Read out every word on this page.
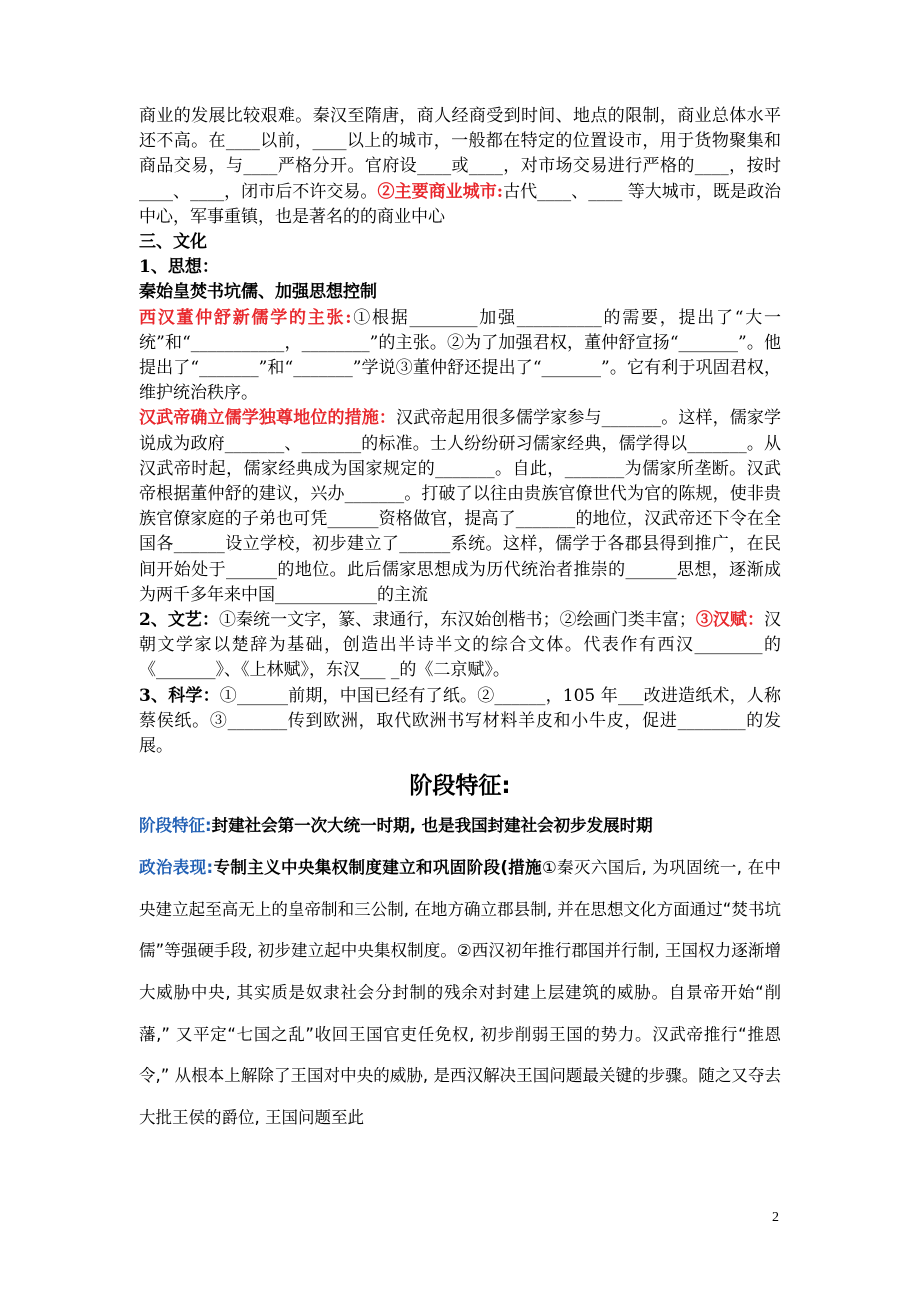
商业的发展比较艰难。秦汉至隋唐，商人经商受到时间、地点的限制，商业总体水平还不高。在____以前，____以上的城市，一般都在特定的位置设市，用于货物聚集和商品交易，与____严格分开。官府设____或____，对市场交易进行严格的____，按时____、____，闭市后不许交易。②主要商业城市:古代____、____ 等大城市，既是政治中心，军事重镇，也是著名的的商业中心

三、文化

1、思想：

秦始皇焚书坑儒、加强思想控制

西汉董仲舒新儒学的主张:①根据________加强__________的需要，提出了“大一统”和“___________，________”的主张。②为了加强君权，董仲舒宣扬“_______”。他提出了“_______”和“_______”学说③董仲舒还提出了“_______”。它有利于巩固君权，维护统治秩序。

汉武帝确立儒学独尊地位的措施：汉武帝起用很多儒学家参与_______。这样，儒家学说成为政府_______、_______的标准。士人纷纷研习儒家经典，儒学得以_______。从汉武帝时起，儒家经典成为国家规定的_______。自此，_______为儒家所垄断。汉武帝根据董仲舒的建议，兴办_______。打破了以往由贵族官僚世代为官的陈规，使非贵族官僚家庭的子弟也可凭______资格做官，提高了_______的地位，汉武帝还下令在全国各______设立学校，初步建立了______系统。这样，儒学于各郡县得到推广，在民间开始处于______的地位。此后儒家思想成为历代统治者推崇的______思想，逐渐成为两千多年来中国____________的主流

2、文艺：①秦统一文字，篆、隶通行，东汉始创楷书；②绘画门类丰富；③汉赋：汉朝文学家以楚辞为基础，创造出半诗半文的综合文体。代表作有西汉________的《_______》、《上林赋》，东汉___ _的《二京赋》。

3、科学：①______前期，中国已经有了纸。②______，105 年___改进造纸术，人称蔡侯纸。③_______传到欧洲，取代欧洲书写材料羊皮和小牛皮，促进________的发展。

阶段特征:

阶段特征:封建社会第一次大统一时期, 也是我国封建社会初步发展时期

政治表现:专制主义中央集权制度建立和巩固阶段(措施①秦灭六国后, 为巩固统一, 在中央建立起至高无上的皇帝制和三公制, 在地方确立郡县制, 并在思想文化方面通过“焚书坑儒”等强硬手段, 初步建立起中央集权制度。②西汉初年推行郡国并行制, 王国权力逐渐增大威胁中央, 其实质是奴隶社会分封制的残余对封建上层建筑的威胁。自景帝开始“削藩,” 又平定“七国之乱”收回王国官吏任免权, 初步削弱王国的势力。汉武帝推行“推恩令,” 从根本上解除了王国对中央的威胁, 是西汉解决王国问题最关键的步骤。随之又夺去大批王侯的爵位, 王国问题至此

2
